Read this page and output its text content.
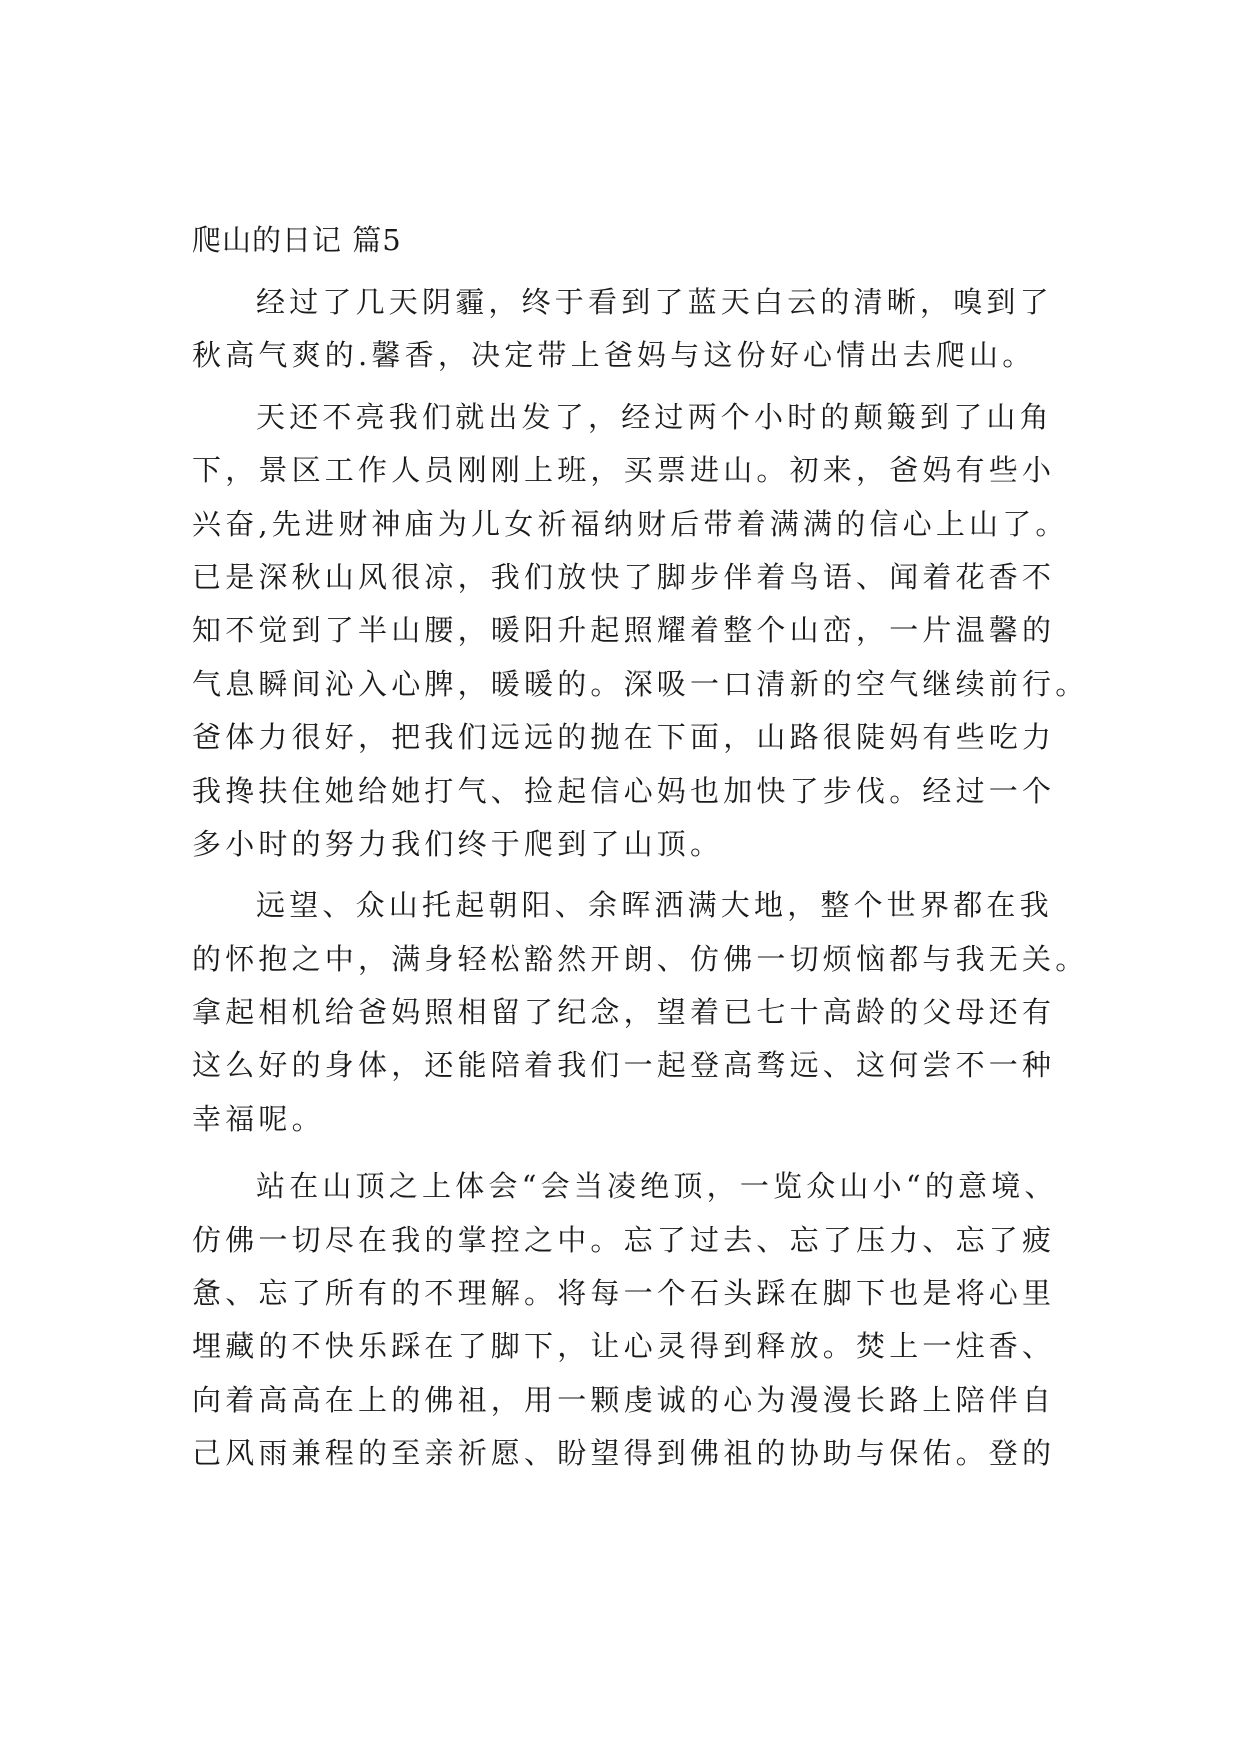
爬山的日记 篇5

经过了几天阴霾，终于看到了蓝天白云的清晰，嗅到了
秋高气爽的.馨香，决定带上爸妈与这份好心情出去爬山。

天还不亮我们就出发了，经过两个小时的颠簸到了山角
下，景区工作人员刚刚上班，买票进山。初来，爸妈有些小
兴奋,先进财神庙为儿女祈福纳财后带着满满的信心上山了。
已是深秋山风很凉，我们放快了脚步伴着鸟语、闻着花香不
知不觉到了半山腰，暖阳升起照耀着整个山峦，一片温馨的
气息瞬间沁入心脾，暖暖的。深吸一口清新的空气继续前行。
爸体力很好，把我们远远的抛在下面，山路很陡妈有些吃力
我搀扶住她给她打气、捡起信心妈也加快了步伐。经过一个
多小时的努力我们终于爬到了山顶。

远望、众山托起朝阳、余晖洒满大地，整个世界都在我
的怀抱之中，满身轻松豁然开朗、仿佛一切烦恼都与我无关。
拿起相机给爸妈照相留了纪念，望着已七十高龄的父母还有
这么好的身体，还能陪着我们一起登高骛远、这何尝不一种
幸福呢。

站在山顶之上体会“会当凌绝顶，一览众山小“的意境、
仿佛一切尽在我的掌控之中。忘了过去、忘了压力、忘了疲
惫、忘了所有的不理解。将每一个石头踩在脚下也是将心里
埋藏的不快乐踩在了脚下，让心灵得到释放。焚上一炷香、
向着高高在上的佛祖，用一颗虔诚的心为漫漫长路上陪伴自
己风雨兼程的至亲祈愿、盼望得到佛祖的协助与保佑。登的
